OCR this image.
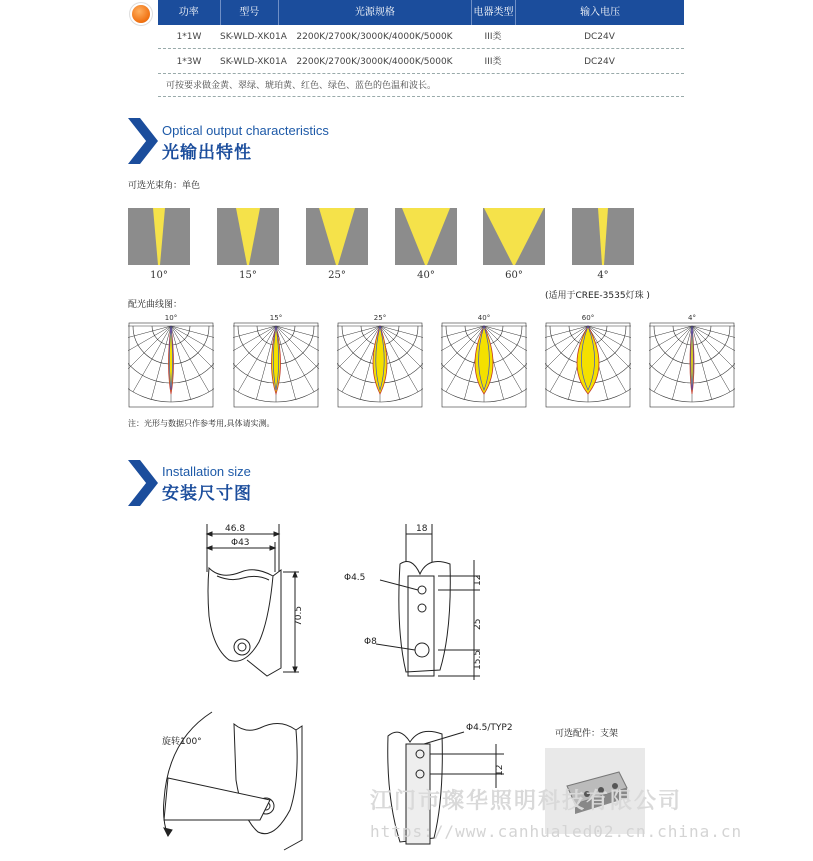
功率	型号	光源规格	电器类型	输入电压
1*1W	SK-WLD-XK01A	2200K/2700K/3000K/4000K/5000K	III类	DC24V
1*3W	SK-WLD-XK01A	2200K/2700K/3000K/4000K/5000K	III类	DC24V
可按要求做金黄、翠绿、琥珀黄、红色、绿色、蓝色的色温和波长。
Optical output characteristics
光输出特性
可选光束角：单色
(适用于CREE-3535灯珠 )
配光曲线图：
注：光形与数据只作参考用,具体请实测。
Installation size
安装尺寸图
46.8
Φ43
70.5
18
Φ4.5
Φ8
12
25
15.5
旋转100°
Φ4.5/TYP2
12
可选配件：支架
江门市璨华照明科技有限公司
https://www.canhualed02.cn.china.cn
10°	15°	25°	40°	60°	4°
10°	15°	25°	40°	60°	4°
